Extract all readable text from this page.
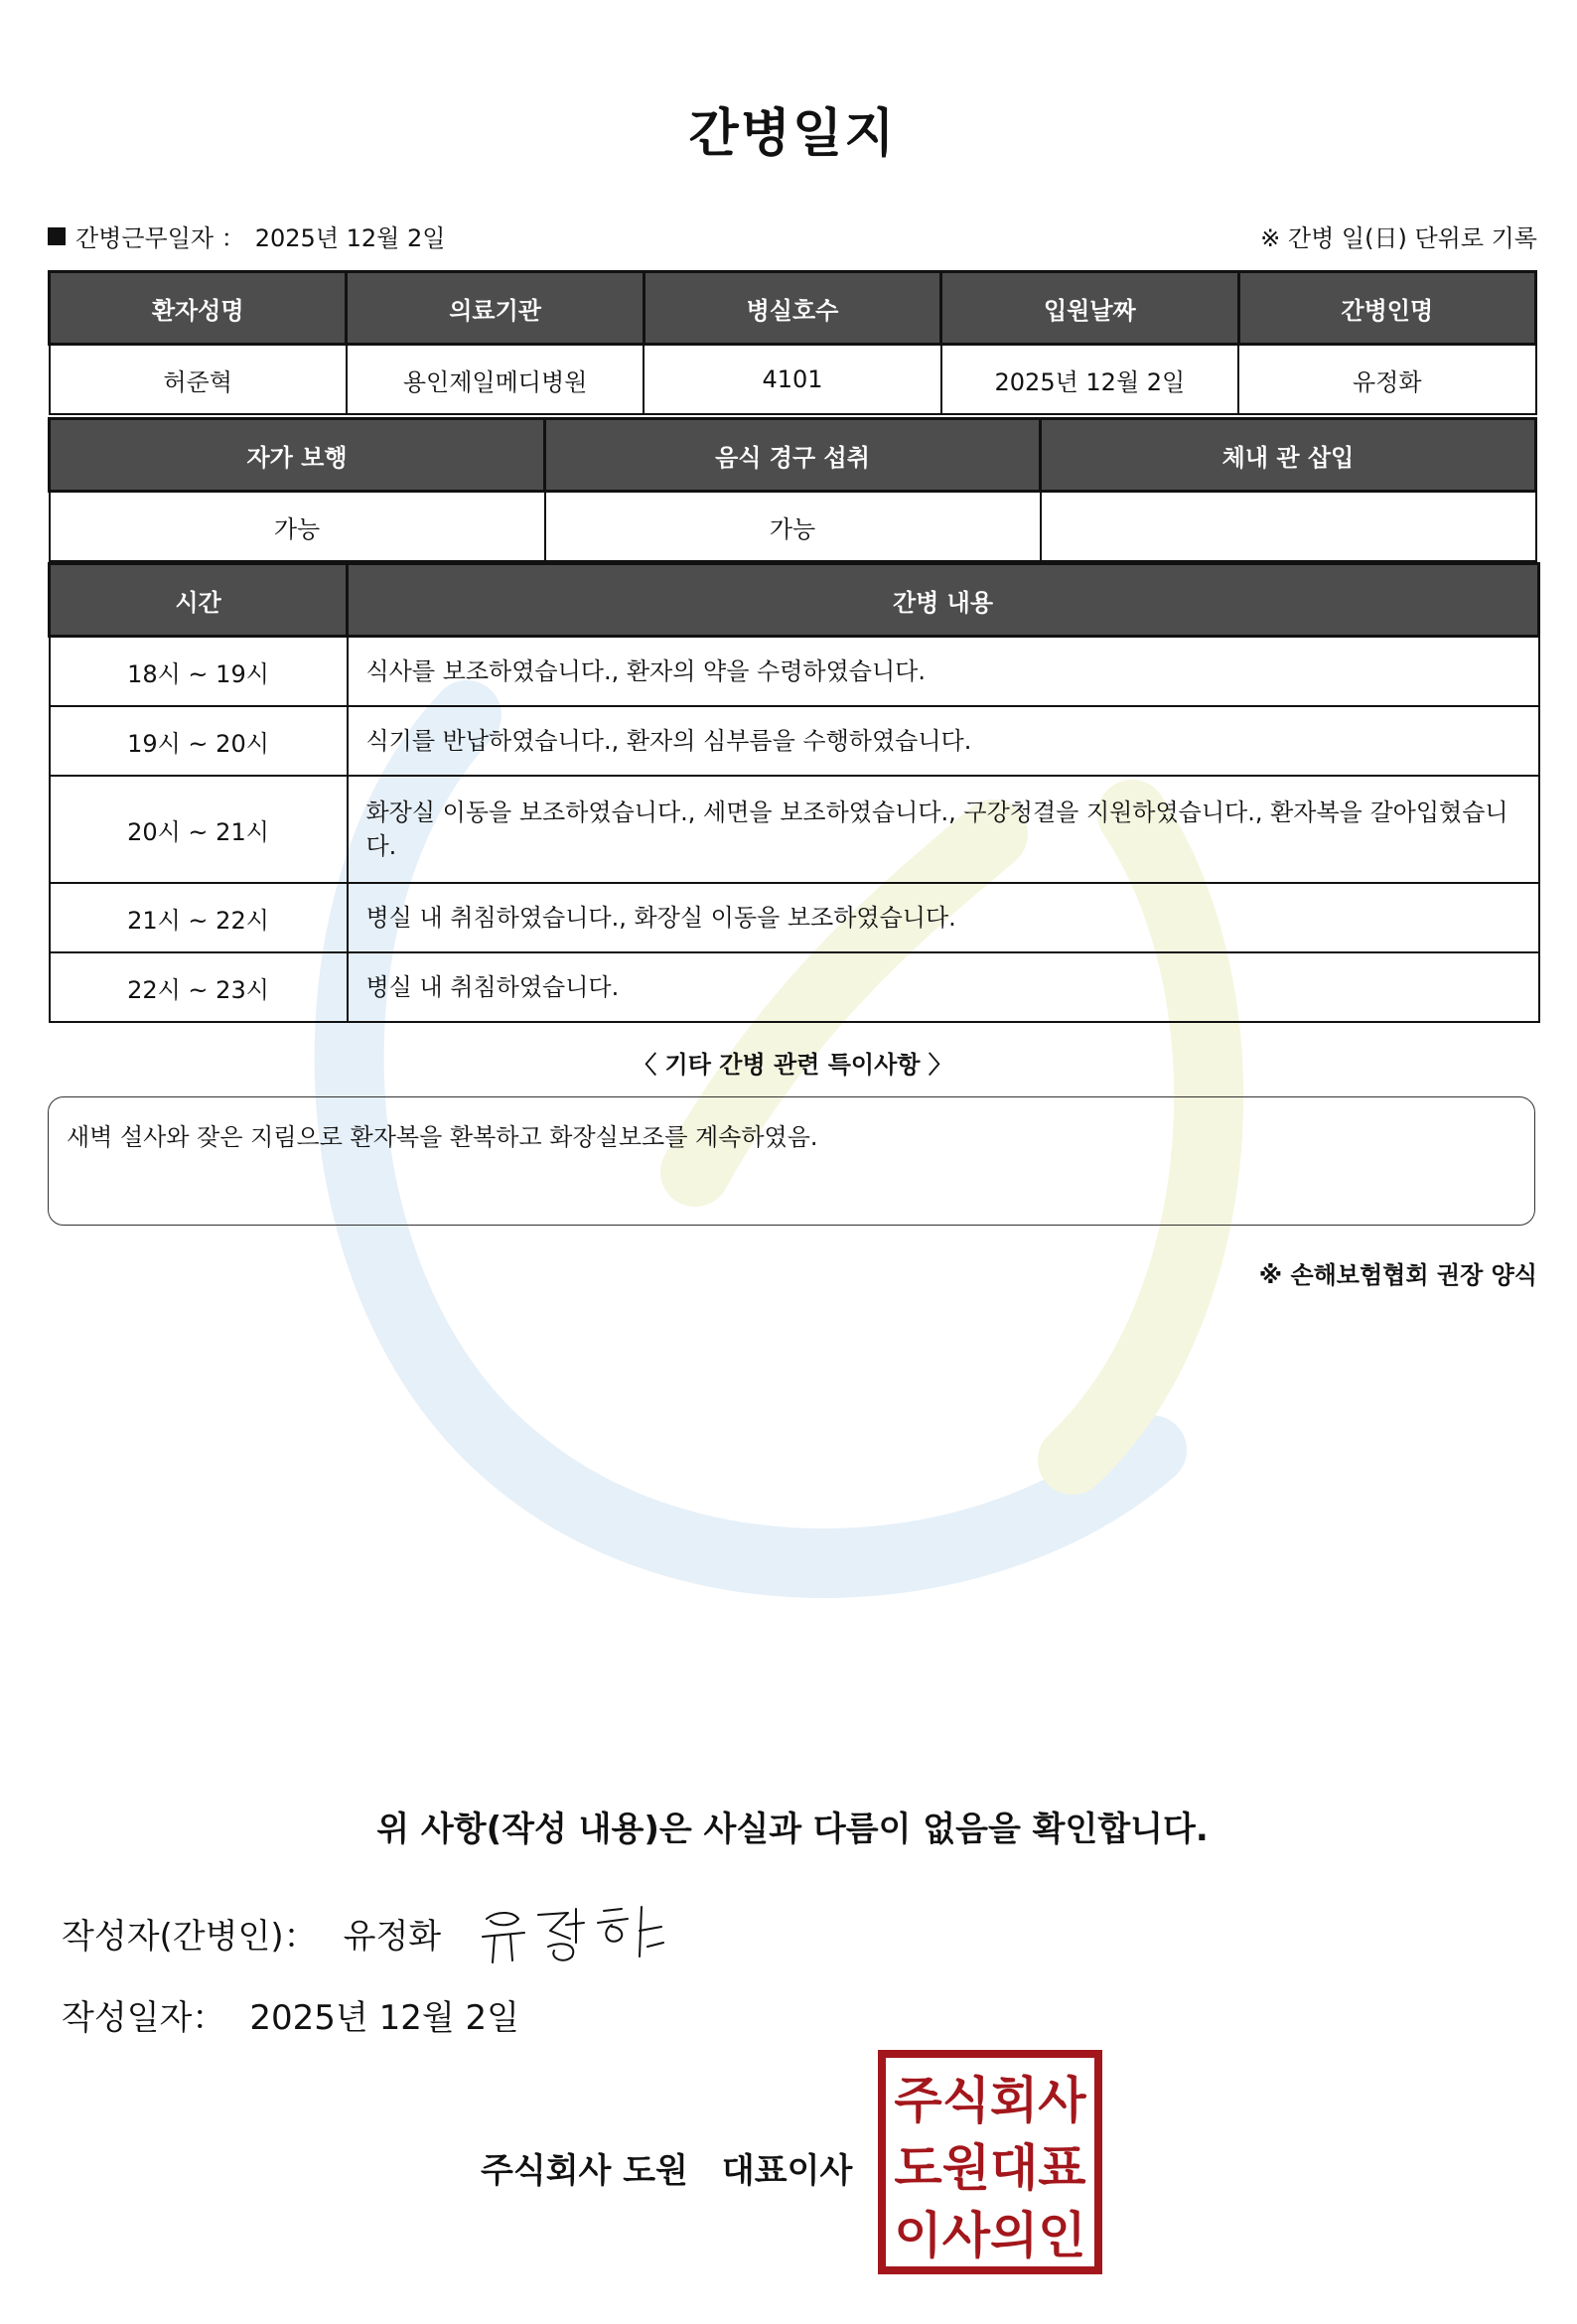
간병일지
간병근무일자 ： 2025년 12월 2일	※ 간병 일(日) 단위로 기록
환자성명	의료기관	병실호수	입원날짜	간병인명
허준혁	용인제일메디병원	4101	2025년 12월 2일	유정화
자가 보행	음식 경구 섭취	체내 관 삽입
가능	가능	
시간	간병 내용
18시 ~ 19시	식사를 보조하였습니다., 환자의 약을 수령하였습니다.
19시 ~ 20시	식기를 반납하였습니다., 환자의 심부름을 수행하였습니다.
20시 ~ 21시	화장실 이동을 보조하였습니다., 세면을 보조하였습니다., 구강청결을 지원하였습니다., 환자복을 갈아입혔습니다.
21시 ~ 22시	병실 내 취침하였습니다., 화장실 이동을 보조하였습니다.
22시 ~ 23시	병실 내 취침하였습니다.
〈 기타 간병 관련 특이사항 〉
새벽 설사와 잦은 지림으로 환자복을 환복하고 화장실보조를 계속하였음.
※ 손해보험협회 권장 양식
위 사항(작성 내용)은 사실과 다름이 없음을 확인합니다.
작성자(간병인)： 유정화
작성일자： 2025년 12월 2일
주식회사 도원 대표이사
주식회사
도원대표
이사의인
